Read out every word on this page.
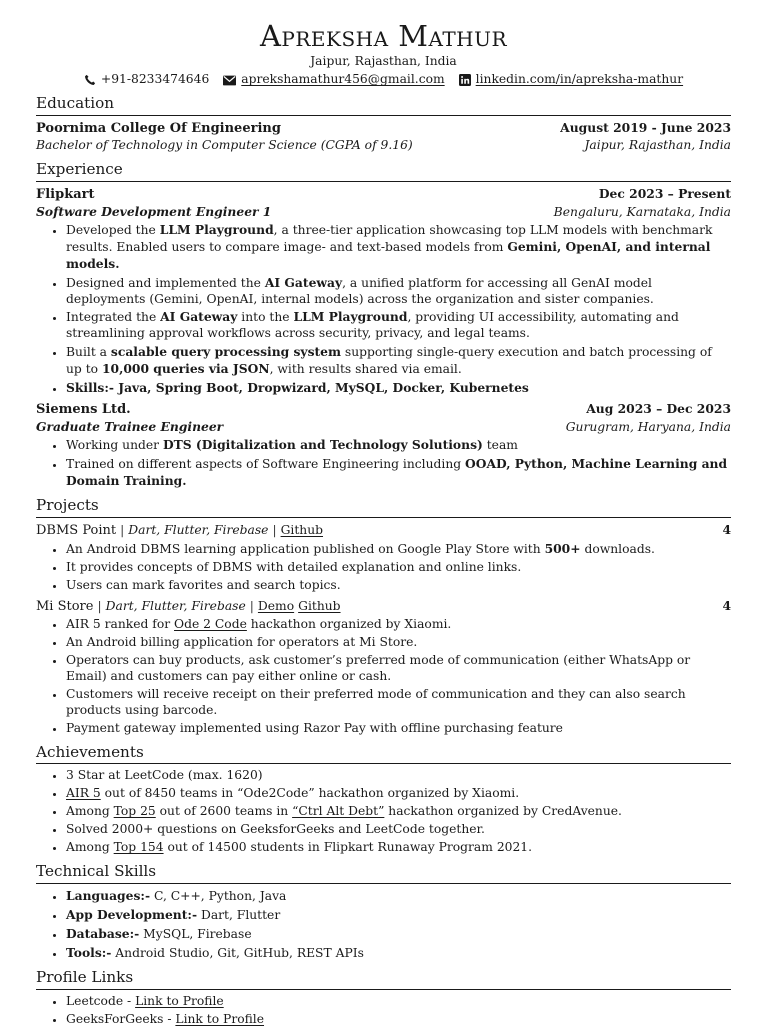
Apreksha Mathur
Jaipur, Rajasthan, India
+91-8233474646	aprekshamathur456@gmail.com	linkedin.com/in/apreksha-mathur
Education
Poornima College Of Engineering	August 2019 - June 2023
Bachelor of Technology in Computer Science (CGPA of 9.16)	Jaipur, Rajasthan, India
Experience
Flipkart	Dec 2023 – Present
Software Development Engineer 1	Bengaluru, Karnataka, India
• Developed the LLM Playground, a three-tier application showcasing top LLM models with benchmark results. Enabled users to compare image- and text-based models from Gemini, OpenAI, and internal models.
• Designed and implemented the AI Gateway, a unified platform for accessing all GenAI model deployments (Gemini, OpenAI, internal models) across the organization and sister companies.
• Integrated the AI Gateway into the LLM Playground, providing UI accessibility, automating and streamlining approval workflows across security, privacy, and legal teams.
• Built a scalable query processing system supporting single-query execution and batch processing of up to 10,000 queries via JSON, with results shared via email.
• Skills:- Java, Spring Boot, Dropwizard, MySQL, Docker, Kubernetes
Siemens Ltd.	Aug 2023 – Dec 2023
Graduate Trainee Engineer	Gurugram, Haryana, India
• Working under DTS (Digitalization and Technology Solutions) team
• Trained on different aspects of Software Engineering including OOAD, Python, Machine Learning and Domain Training.
Projects
DBMS Point | Dart, Flutter, Firebase | Github	4
• An Android DBMS learning application published on Google Play Store with 500+ downloads.
• It provides concepts of DBMS with detailed explanation and online links.
• Users can mark favorites and search topics.
Mi Store | Dart, Flutter, Firebase | Demo Github	4
• AIR 5 ranked for Ode 2 Code hackathon organized by Xiaomi.
• An Android billing application for operators at Mi Store.
• Operators can buy products, ask customer’s preferred mode of communication (either WhatsApp or Email) and customers can pay either online or cash.
• Customers will receive receipt on their preferred mode of communication and they can also search products using barcode.
• Payment gateway implemented using Razor Pay with offline purchasing feature
Achievements
• 3 Star at LeetCode (max. 1620)
• AIR 5 out of 8450 teams in “Ode2Code” hackathon organized by Xiaomi.
• Among Top 25 out of 2600 teams in “Ctrl Alt Debt” hackathon organized by CredAvenue.
• Solved 2000+ questions on GeeksforGeeks and LeetCode together.
• Among Top 154 out of 14500 students in Flipkart Runaway Program 2021.
Technical Skills
• Languages:- C, C++, Python, Java
• App Development:- Dart, Flutter
• Database:- MySQL, Firebase
• Tools:- Android Studio, Git, GitHub, REST APIs
Profile Links
• Leetcode - Link to Profile
• GeeksForGeeks - Link to Profile
